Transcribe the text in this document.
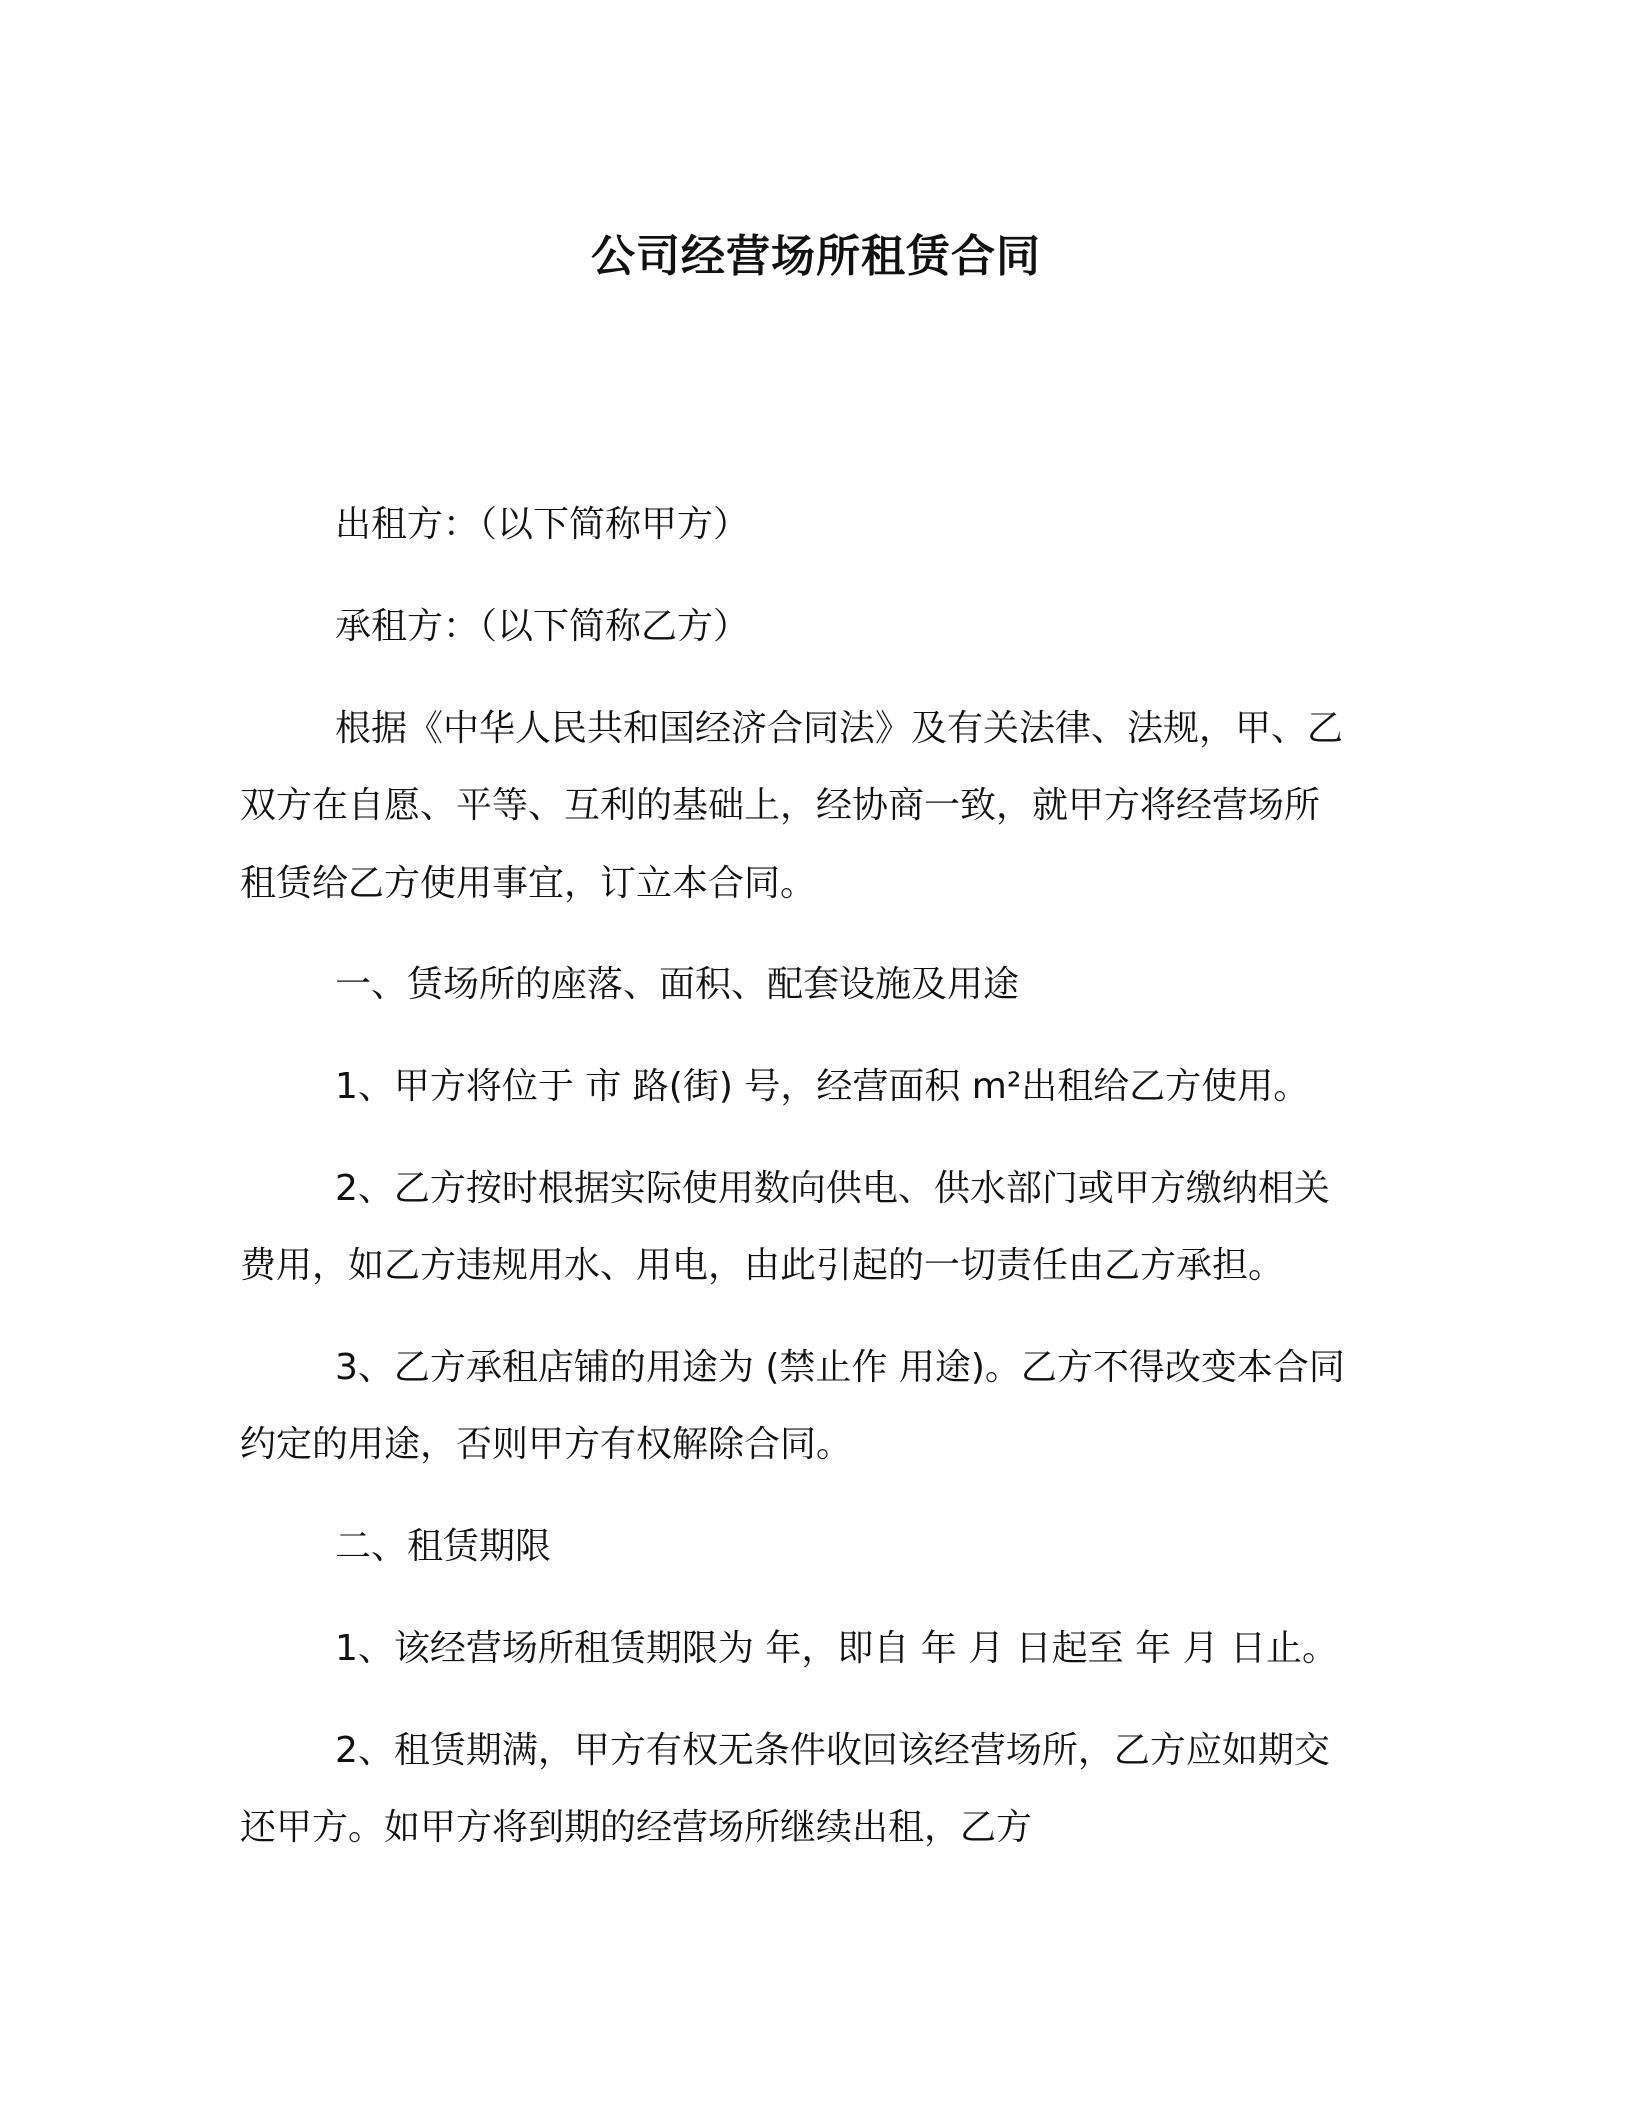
公司经营场所租赁合同
出租方：（以下简称甲方）
承租方：（以下简称乙方）
根据《中华人民共和国经济合同法》及有关法律、法规，甲、乙
双方在自愿、平等、互利的基础上，经协商一致，就甲方将经营场所
租赁给乙方使用事宜，订立本合同。
一、赁场所的座落、面积、配套设施及用途
1、甲方将位于 市 路(街) 号，经营面积 m²出租给乙方使用。
2、乙方按时根据实际使用数向供电、供水部门或甲方缴纳相关
费用，如乙方违规用水、用电，由此引起的一切责任由乙方承担。
3、乙方承租店铺的用途为 (禁止作 用途)。乙方不得改变本合同
约定的用途，否则甲方有权解除合同。
二、租赁期限
1、该经营场所租赁期限为 年，即自 年 月 日起至 年 月 日止。
2、租赁期满，甲方有权无条件收回该经营场所，乙方应如期交
还甲方。如甲方将到期的经营场所继续出租，乙方
